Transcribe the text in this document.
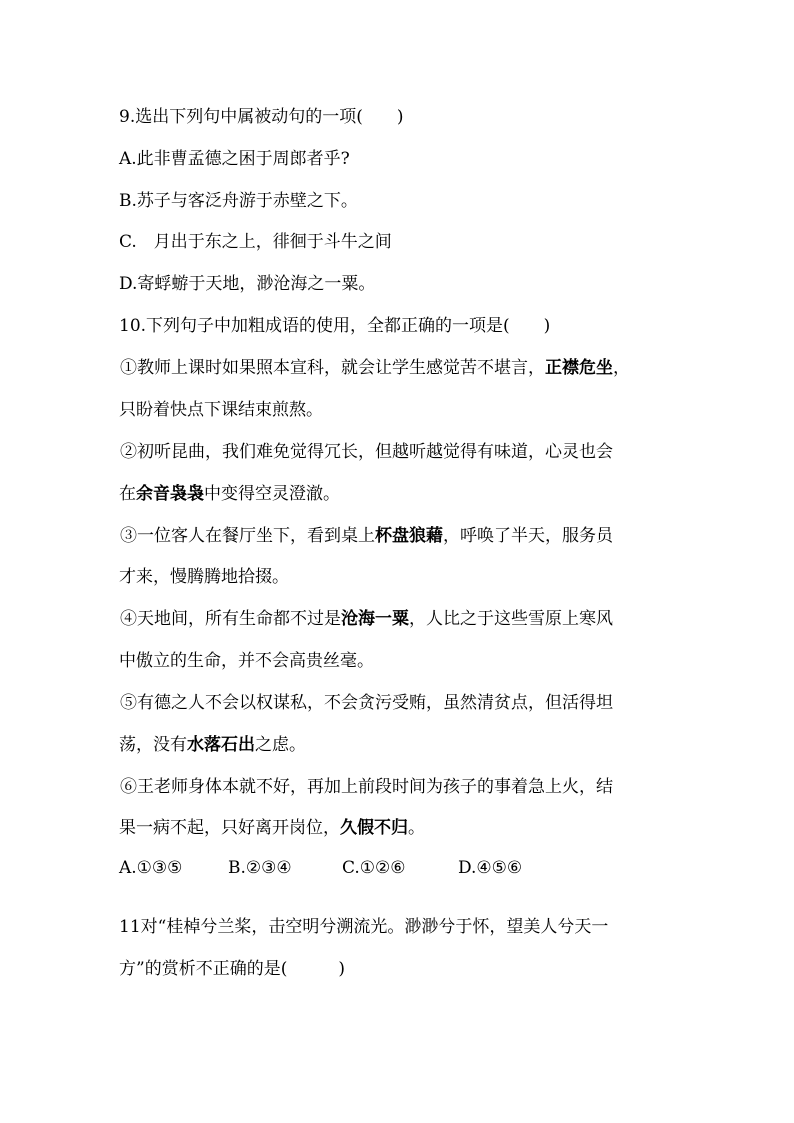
9.选出下列句中属被动句的一项(　　)
A.此非曹孟德之困于周郎者乎?
B.苏子与客泛舟游于赤壁之下。
C.　月出于东之上，徘徊于斗牛之间
D.寄蜉蝣于天地，渺沧海之一粟。
10.下列句子中加粗成语的使用，全都正确的一项是(　　)
①教师上课时如果照本宣科，就会让学生感觉苦不堪言，正襟危坐，
只盼着快点下课结束煎熬。
②初听昆曲，我们难免觉得冗长，但越听越觉得有味道，心灵也会
在余音袅袅中变得空灵澄澈。
③一位客人在餐厅坐下，看到桌上杯盘狼藉，呼唤了半天，服务员
才来，慢腾腾地拾掇。
④天地间，所有生命都不过是沧海一粟，人比之于这些雪原上寒风
中傲立的生命，并不会高贵丝毫。
⑤有德之人不会以权谋私，不会贪污受贿，虽然清贫点，但活得坦
荡，没有水落石出之虑。
⑥王老师身体本就不好，再加上前段时间为孩子的事着急上火，结
果一病不起，只好离开岗位，久假不归。
A.①③⑤	B.②③④	C.①②⑥	D.④⑤⑥
11对“桂棹兮兰桨，击空明兮溯流光。渺渺兮于怀，望美人兮天一
方”的赏析不正确的是(　　　)
